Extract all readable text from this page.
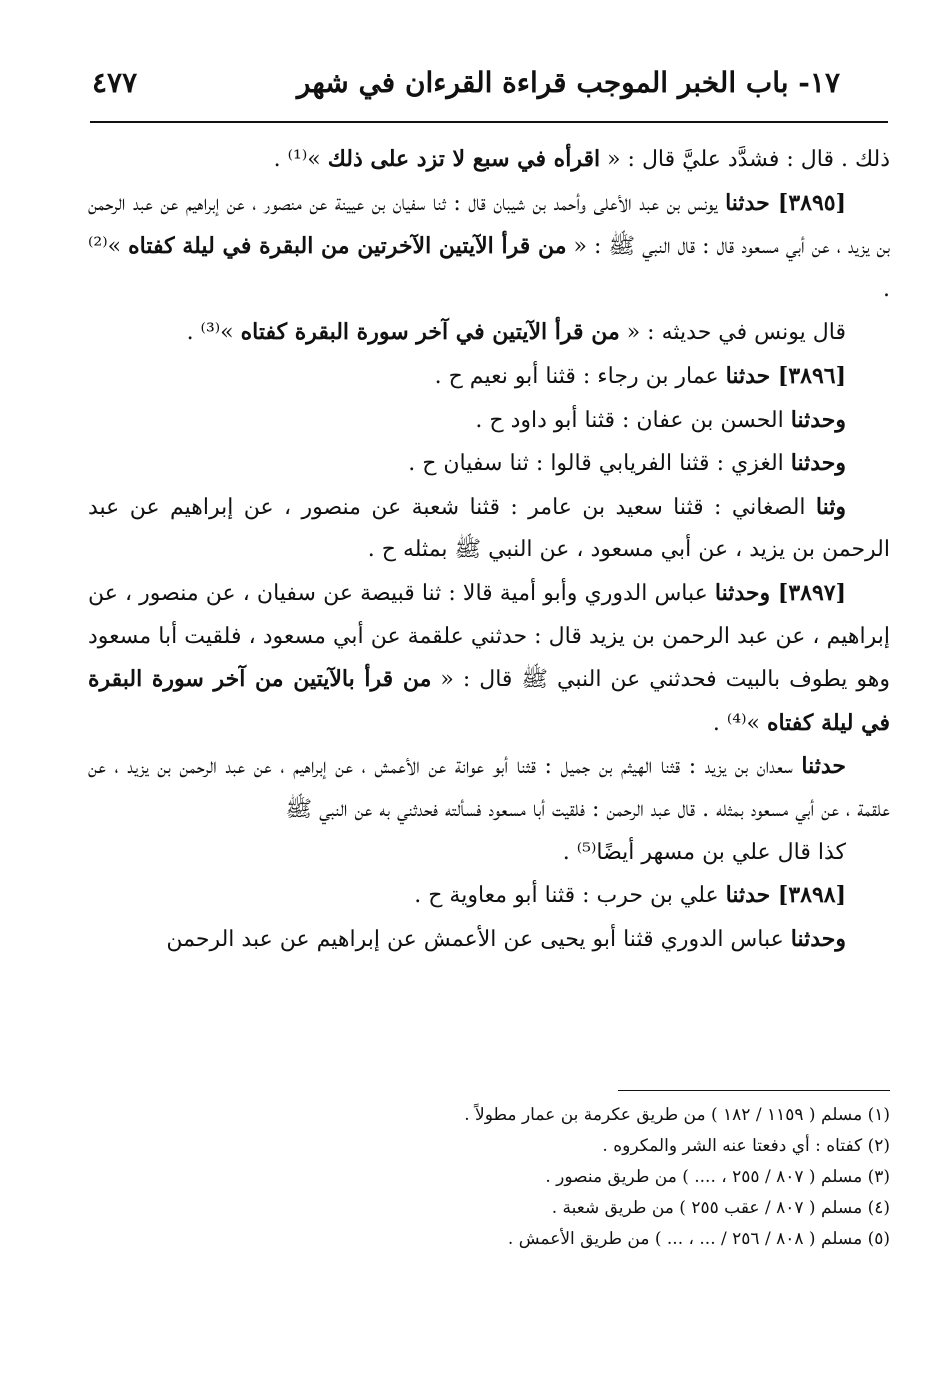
١٧- باب الخبر الموجب قراءة القرءان في شهر
٤٧٧

ذلك . قال : فشدَّد عليَّ قال : « اقرأه في سبع لا تزد على ذلك »⁽¹⁾ .

[٣٨٩٥] حدثنا يونس بن عبد الأعلى وأحمد بن شيبان قال : ثنا سفيان بن عيينة عن منصور ، عن إبراهيم عن عبد الرحمن بن يزيد ، عن أبي مسعود قال : قال النبي ﷺ : « من قرأ الآيتين الآخرتين من البقرة في ليلة كفتاه »⁽²⁾ .

قال يونس في حديثه : « من قرأ الآيتين في آخر سورة البقرة كفتاه »⁽³⁾ .

[٣٨٩٦] حدثنا عمار بن رجاء : قثنا أبو نعيم ح .

وحدثنا الحسن بن عفان : قثنا أبو داود ح .

وحدثنا الغزي : قثنا الفريابي قالوا : ثنا سفيان ح .

وثنا الصغاني : قثنا سعيد بن عامر : قثنا شعبة عن منصور ، عن إبراهيم عن عبد الرحمن بن يزيد ، عن أبي مسعود ، عن النبي ﷺ بمثله ح .

[٣٨٩٧] وحدثنا عباس الدوري وأبو أمية قالا : ثنا قبيصة عن سفيان ، عن منصور ، عن إبراهيم ، عن عبد الرحمن بن يزيد قال : حدثني علقمة عن أبي مسعود ، فلقيت أبا مسعود وهو يطوف بالبيت فحدثني عن النبي ﷺ قال : « من قرأ بالآيتين من آخر سورة البقرة في ليلة كفتاه »⁽⁴⁾ .

حدثنا سعدان بن يزيد : قثنا الهيثم بن جميل : قثنا أبو عوانة عن الأعمش ، عن إبراهيم ، عن عبد الرحمن بن يزيد ، عن علقمة ، عن أبي مسعود بمثله . قال عبد الرحمن : فلقيت أبا مسعود فسألته فحدثني به عن النبي ﷺ

كذا قال علي بن مسهر أيضًا⁽⁵⁾ .

[٣٨٩٨] حدثنا علي بن حرب : قثنا أبو معاوية ح .

وحدثنا عباس الدوري قثنا أبو يحيى عن الأعمش عن إبراهيم عن عبد الرحمن

(١) مسلم ( ١١٥٩ / ١٨٢ ) من طريق عكرمة بن عمار مطولاً .
(٢) كفتاه : أي دفعتا عنه الشر والمكروه .
(٣) مسلم ( ٨٠٧ / ٢٥٥ ، .... ) من طريق منصور .
(٤) مسلم ( ٨٠٧ / عقب ٢٥٥ ) من طريق شعبة .
(٥) مسلم ( ٨٠٨ / ٢٥٦ / ... ، ... ) من طريق الأعمش .
